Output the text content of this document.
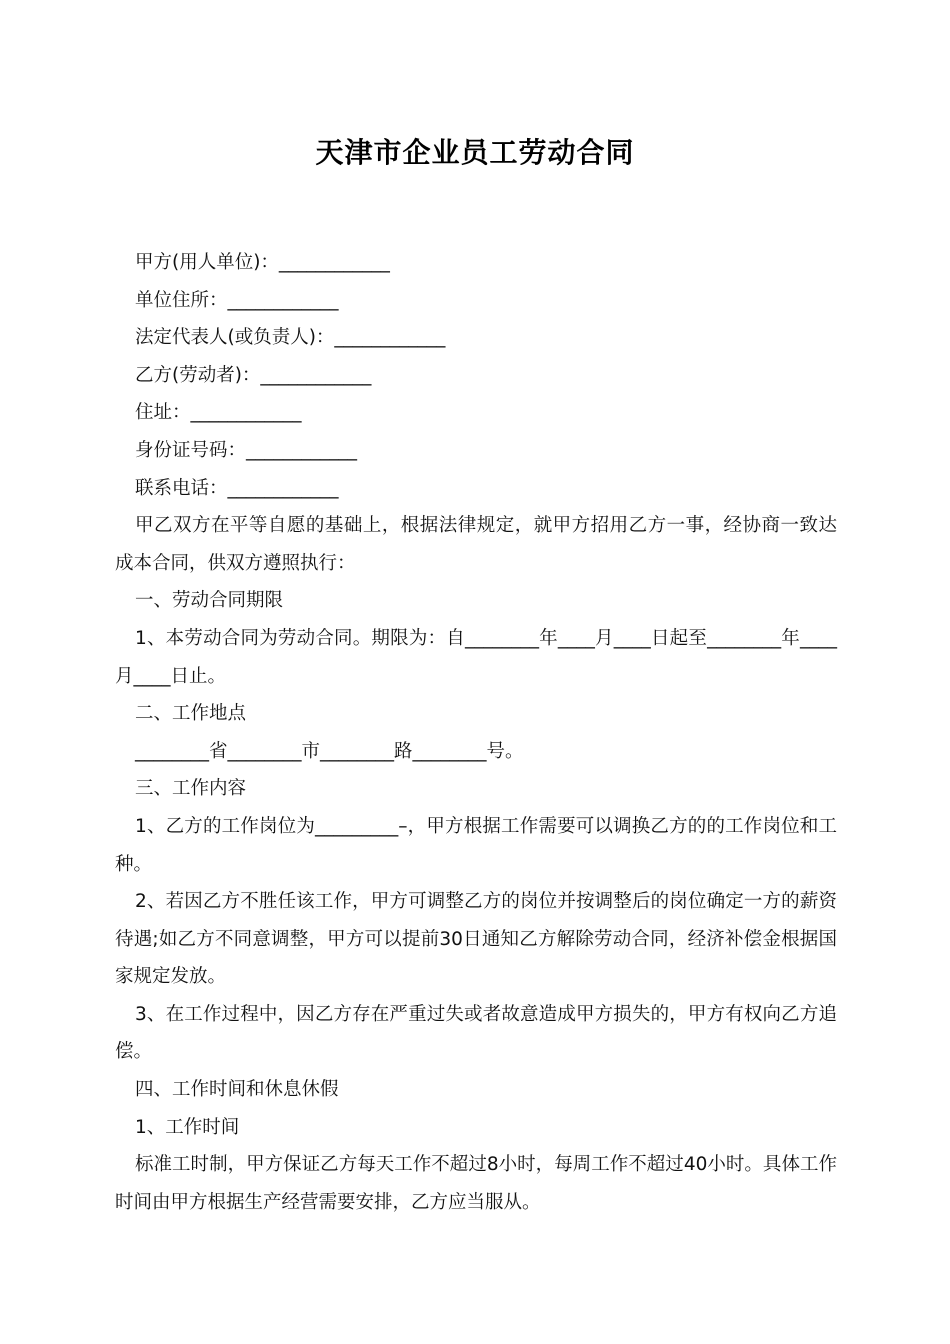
天津市企业员工劳动合同

甲方(用人单位)：____________

单位住所：____________

法定代表人(或负责人)：____________

乙方(劳动者)：____________

住址：____________

身份证号码：____________

联系电话：____________

甲乙双方在平等自愿的基础上，根据法律规定，就甲方招用乙方一事，经协商一致达成本合同，供双方遵照执行：

一、劳动合同期限

1、本劳动合同为劳动合同。期限为：自________年____月____日起至________年____月____日止。

二、工作地点

________省________市________路________号。

三、工作内容

1、乙方的工作岗位为_________–，甲方根据工作需要可以调换乙方的的工作岗位和工种。

2、若因乙方不胜任该工作，甲方可调整乙方的岗位并按调整后的岗位确定一方的薪资待遇;如乙方不同意调整，甲方可以提前30日通知乙方解除劳动合同，经济补偿金根据国家规定发放。

3、在工作过程中，因乙方存在严重过失或者故意造成甲方损失的，甲方有权向乙方追偿。

四、工作时间和休息休假

1、工作时间

标准工时制，甲方保证乙方每天工作不超过8小时，每周工作不超过40小时。具体工作时间由甲方根据生产经营需要安排，乙方应当服从。
